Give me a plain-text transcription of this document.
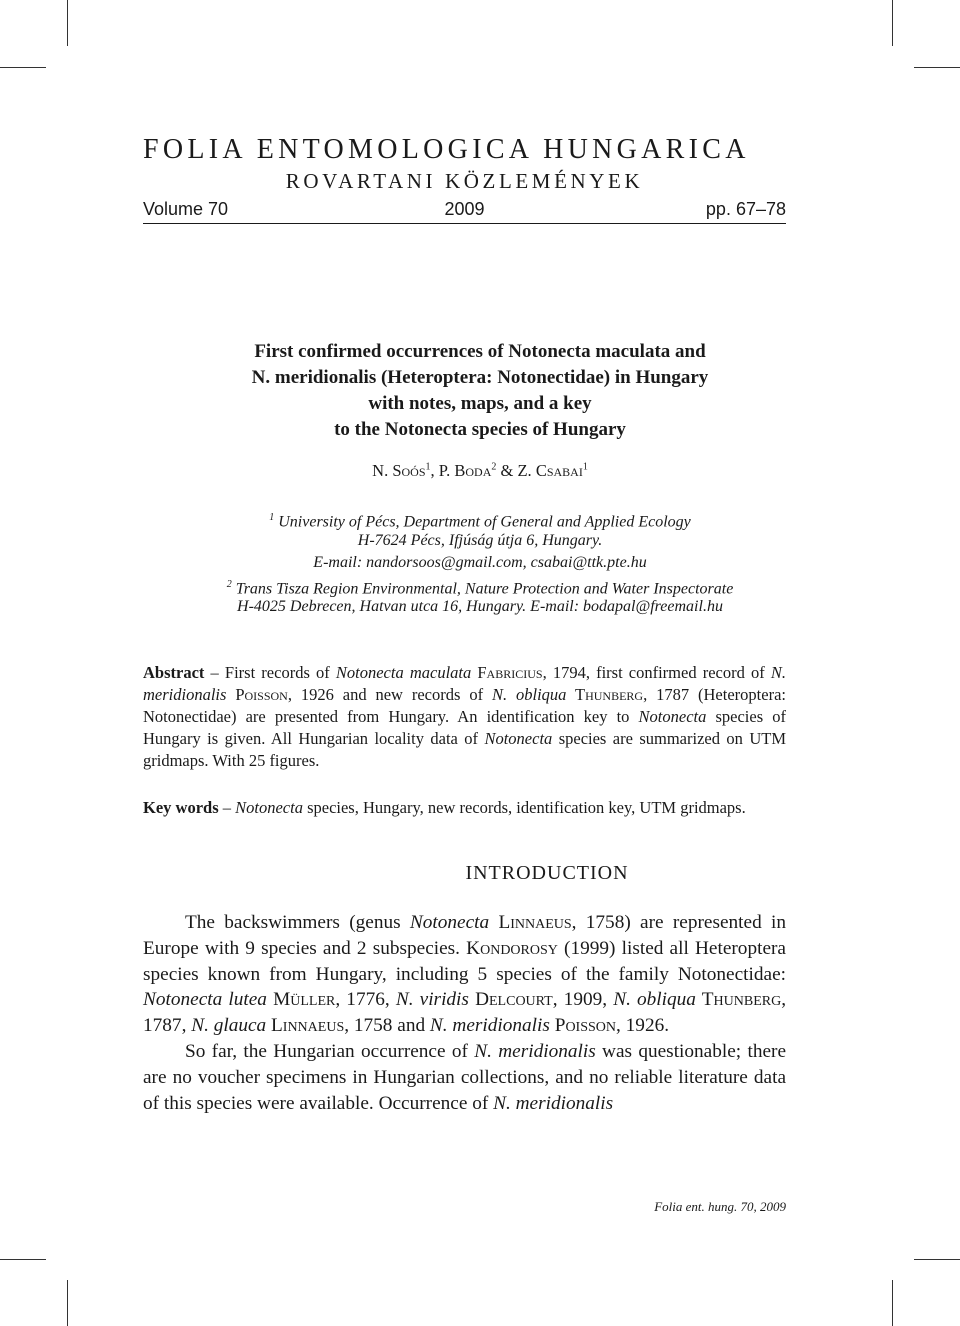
FOLIA ENTOMOLOGICA HUNGARICA
ROVARTANI KÖZLEMÉNYEK
Volume 70	2009	pp. 67–78
First confirmed occurrences of Notonecta maculata and
N. meridionalis (Heteroptera: Notonectidae) in Hungary
with notes, maps, and a key
to the Notonecta species of Hungary
N. Soós$^1$, P. Boda$^2$ & Z. Csabai$^1$
$^1$ University of Pécs, Department of General and Applied Ecology
H-7624 Pécs, Ifjúság útja 6, Hungary.
E-mail: nandorsoos@gmail.com, csabai@ttk.pte.hu
$^2$ Trans Tisza Region Environmental, Nature Protection and Water Inspectorate
H-4025 Debrecen, Hatvan utca 16, Hungary. E-mail: bodapal@freemail.hu
Abstract – First records of Notonecta maculata Fabricius, 1794, first confirmed record of N. meridionalis Poisson, 1926 and new records of N. obliqua Thunberg, 1787 (Heteroptera: Notonectidae) are presented from Hungary. An identification key to Notonecta species of Hungary is given. All Hungarian locality data of Notonecta species are summarized on UTM gridmaps. With 25 figures.
Key words – Notonecta species, Hungary, new records, identification key, UTM gridmaps.
INTRODUCTION

The backswimmers (genus Notonecta Linnaeus, 1758) are represented in Europe with 9 species and 2 subspecies. Kondorosy (1999) listed all Heteroptera species known from Hungary, including 5 species of the family Notonectidae: Notonecta lutea Müller, 1776, N. viridis Delcourt, 1909, N. obliqua Thunberg, 1787, N. glauca Linnaeus, 1758 and N. meridionalis Poisson, 1926.

So far, the Hungarian occurrence of N. meridionalis was questionable; there are no voucher specimens in Hungarian collections, and no reliable literature data of this species were available. Occurrence of N. meridionalis

Folia ent. hung. 70, 2009
